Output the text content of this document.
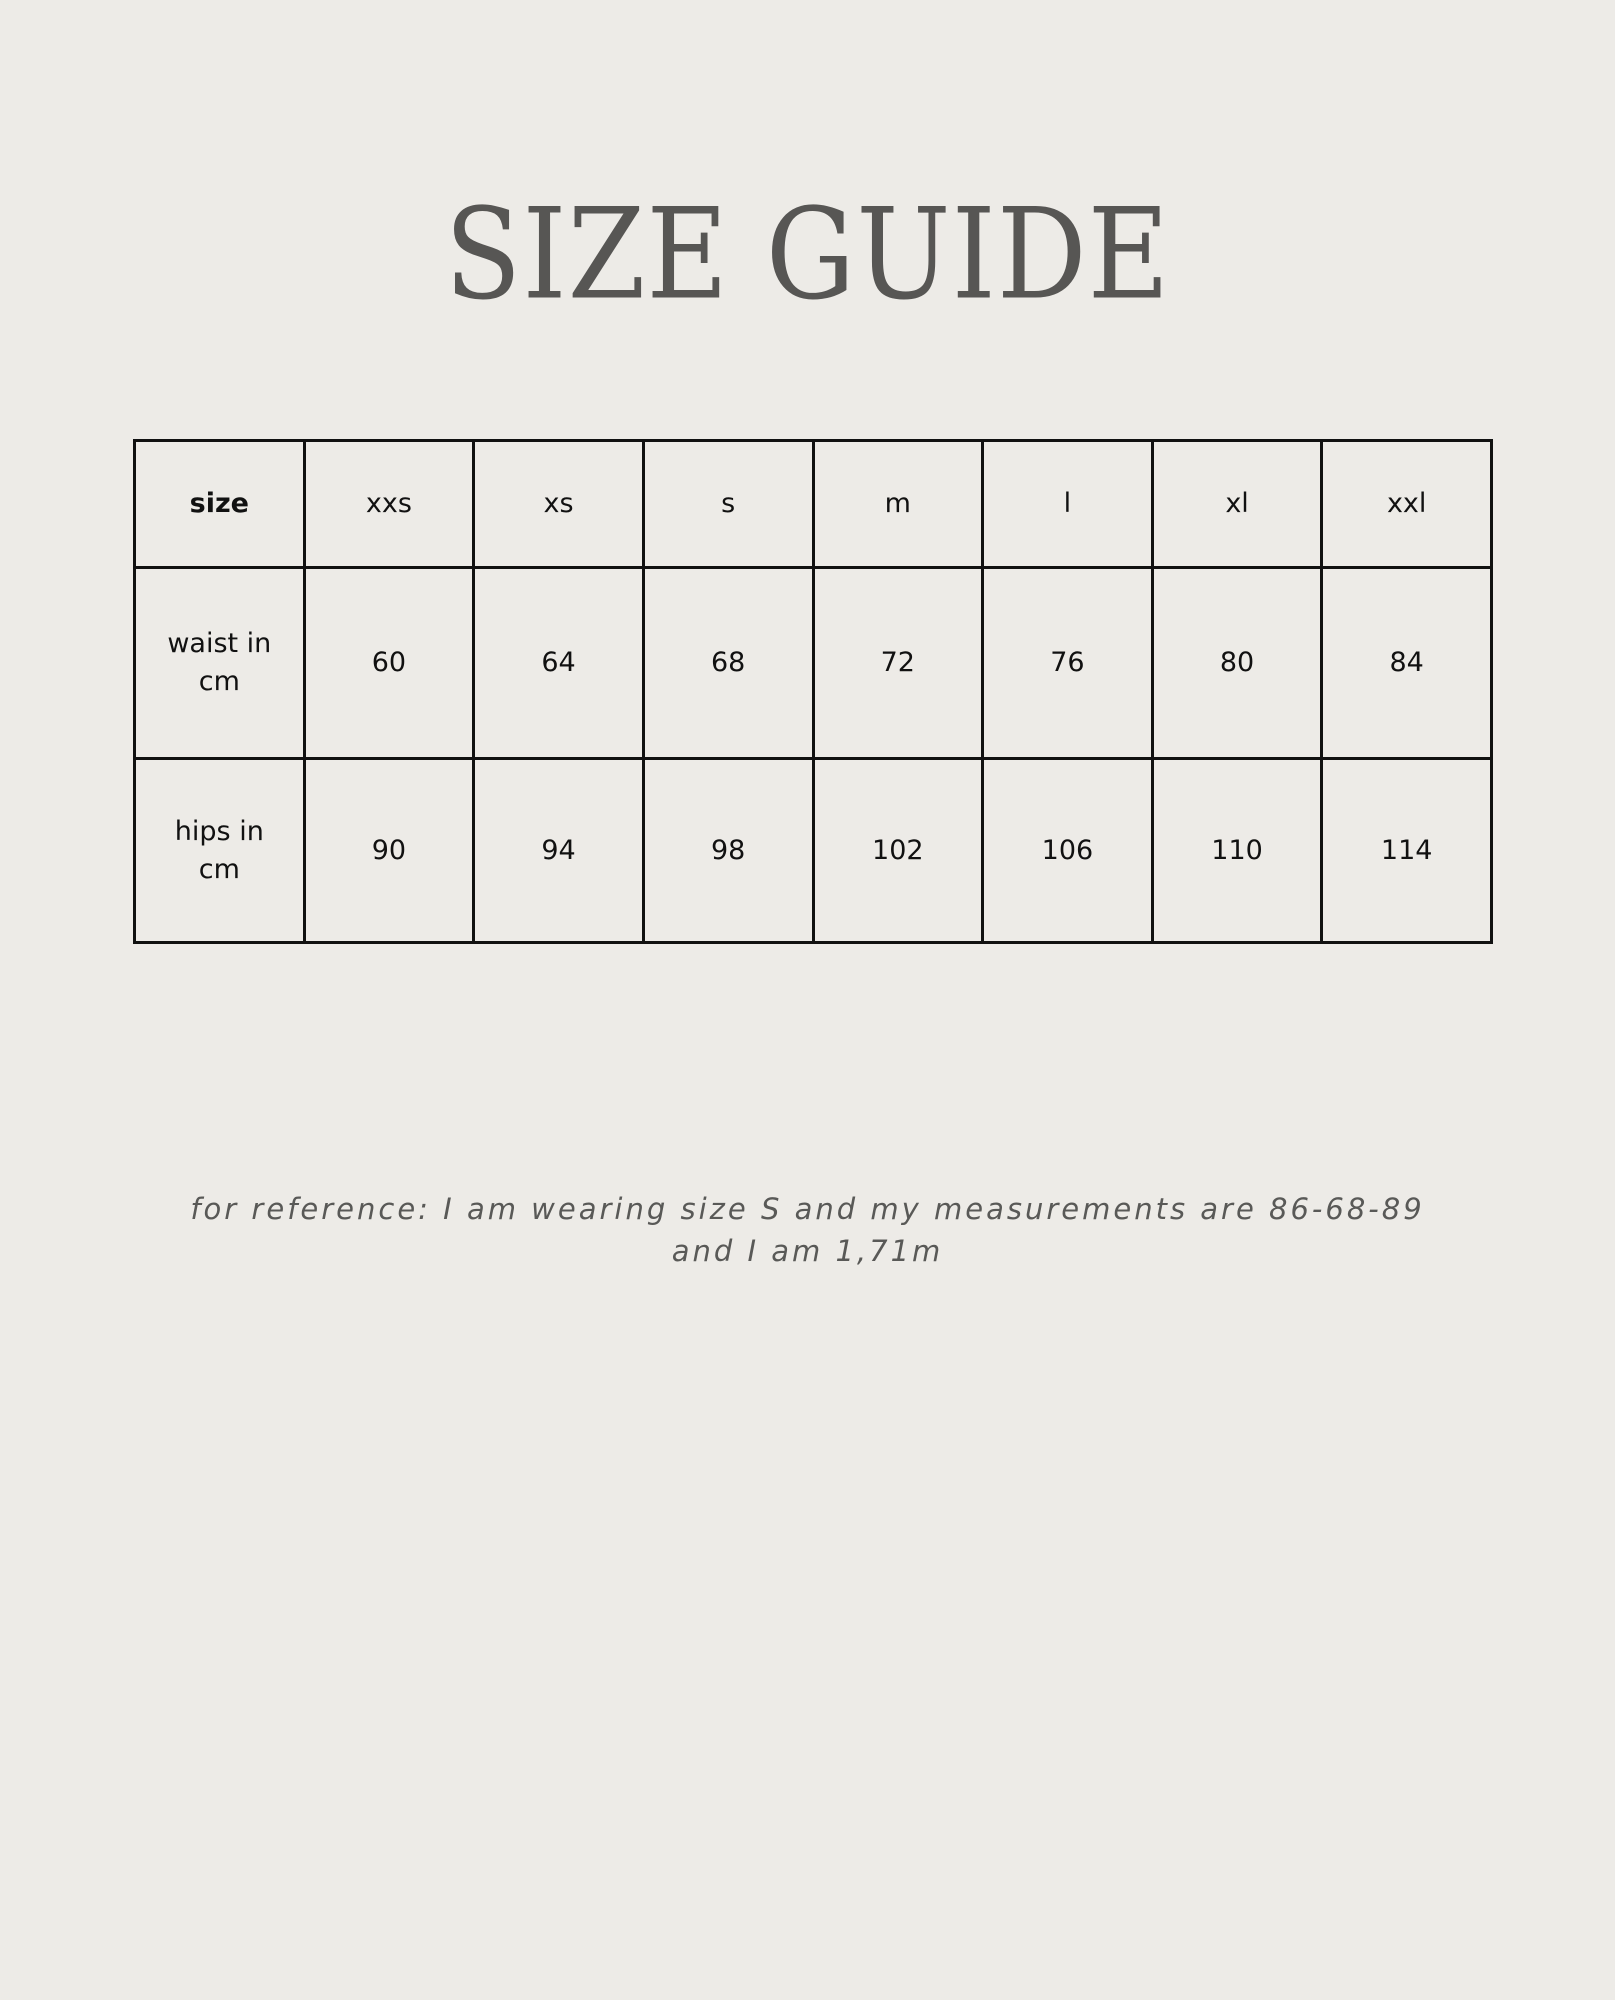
SIZE GUIDE
size	xxs	xs	s	m	l	xl	xxl
waist in cm	60	64	68	72	76	80	84
hips in cm	90	94	98	102	106	110	114

for reference: I am wearing size S and my measurements are 86-68-89 and I am 1,71m
